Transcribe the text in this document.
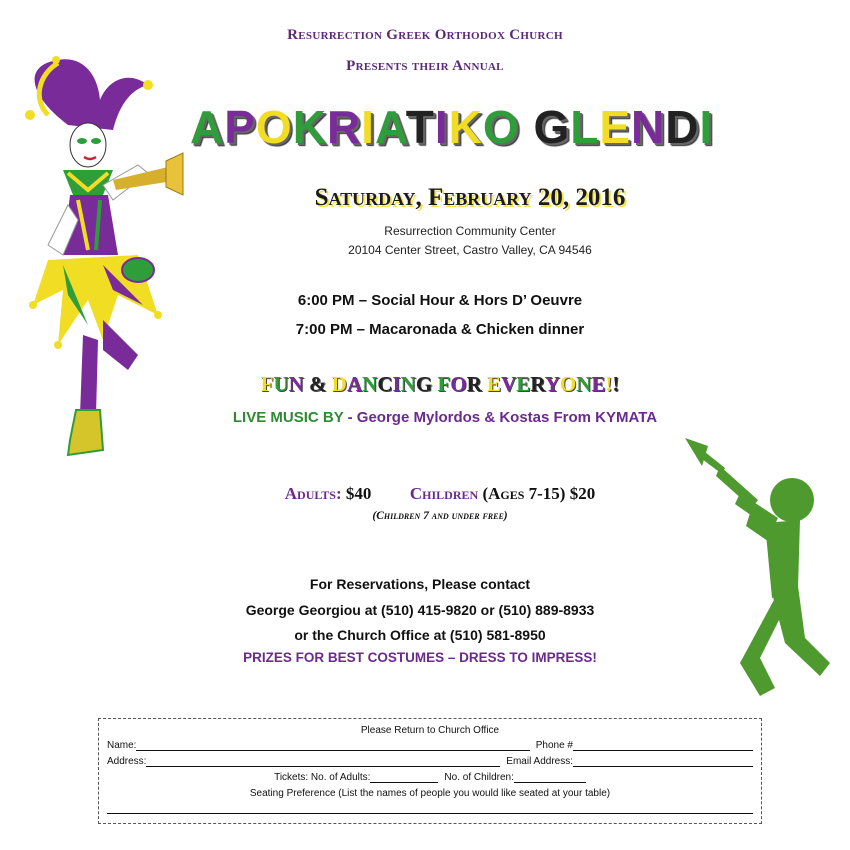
Resurrection Greek Orthodox Church
Presents their Annual
APOKRIATIKO GLENDI
Saturday, February 20, 2016
Resurrection Community Center
20104 Center Street, Castro Valley, CA 94546
6:00 PM – Social Hour & Hors D’ Oeuvre
7:00 PM – Macaronada & Chicken dinner
FUN & DANCING FOR EVERYONE!!
LIVE MUSIC BY - George Mylordos & Kostas From KYMATA
Adults: $40 Children (Ages 7-15) $20
(Children 7 and under free)
For Reservations, Please contact
George Georgiou at (510) 415-9820 or (510) 889-8933
or the Church Office at (510) 581-8950
PRIZES FOR BEST COSTUMES – DRESS TO IMPRESS!
Please Return to Church Office
Name:	Phone #
Address:	Email Address:
Tickets: No. of Adults:	No. of Children:
Seating Preference (List the names of people you would like seated at your table)
